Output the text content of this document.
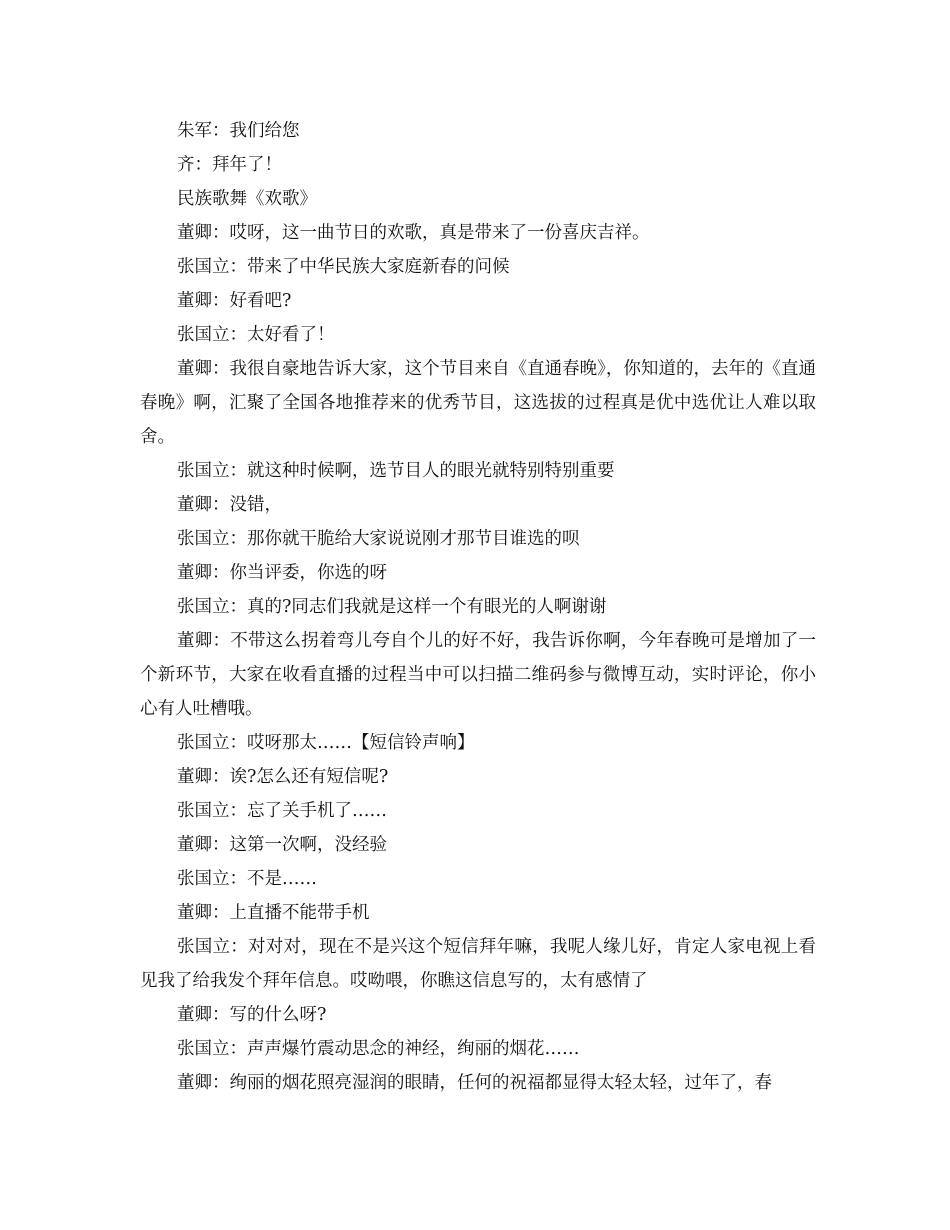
朱军：我们给您

齐：拜年了！

民族歌舞《欢歌》

董卿：哎呀，这一曲节日的欢歌，真是带来了一份喜庆吉祥。

张国立：带来了中华民族大家庭新春的问候

董卿：好看吧?

张国立：太好看了！

董卿：我很自豪地告诉大家，这个节目来自《直通春晚》，你知道的，去年的《直通春晚》啊，汇聚了全国各地推荐来的优秀节目，这选拔的过程真是优中选优让人难以取舍。

张国立：就这种时候啊，选节目人的眼光就特别特别重要

董卿：没错，

张国立：那你就干脆给大家说说刚才那节目谁选的呗

董卿：你当评委，你选的呀

张国立：真的?同志们我就是这样一个有眼光的人啊谢谢

董卿：不带这么拐着弯儿夸自个儿的好不好，我告诉你啊，今年春晚可是增加了一个新环节，大家在收看直播的过程当中可以扫描二维码参与微博互动，实时评论，你小心有人吐槽哦。

张国立：哎呀那太……【短信铃声响】

董卿：诶?怎么还有短信呢?

张国立：忘了关手机了……

董卿：这第一次啊，没经验

张国立：不是……

董卿：上直播不能带手机

张国立：对对对，现在不是兴这个短信拜年嘛，我呢人缘儿好，肯定人家电视上看见我了给我发个拜年信息。哎呦喂，你瞧这信息写的，太有感情了

董卿：写的什么呀?

张国立：声声爆竹震动思念的神经，绚丽的烟花……

董卿：绚丽的烟花照亮湿润的眼睛，任何的祝福都显得太轻太轻，过年了，春
